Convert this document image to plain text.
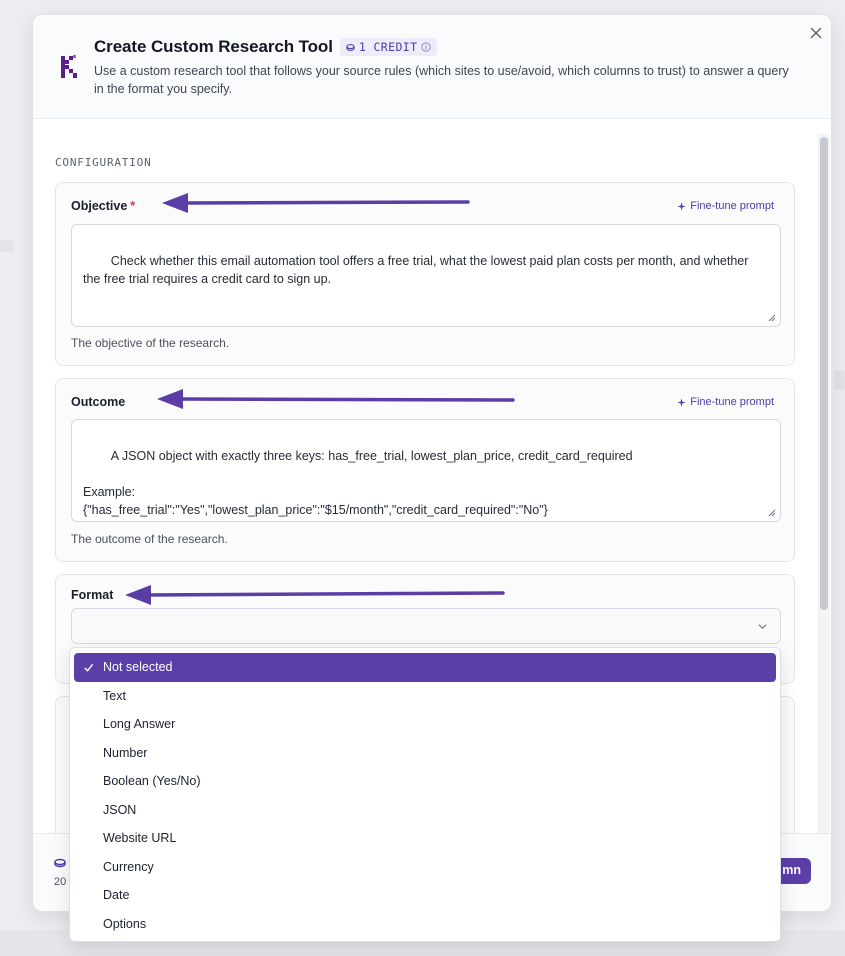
Create Custom Research Tool 1 CREDIT
Use a custom research tool that follows your source rules (which sites to use/avoid, which columns to trust) to answer a query in the format you specify.
CONFIGURATION
Objective *	Fine-tune prompt

Check whether this email automation tool offers a free trial, what the lowest paid plan costs per month, and whether the free trial requires a credit card to sign up.

The objective of the research.
Outcome	Fine-tune prompt

A JSON object with exactly three keys: has_free_trial, lowest_plan_price, credit_card_required

Example:
{"has_free_trial":"Yes","lowest_plan_price":"$15/month","credit_card_required":"No"}

The outcome of the research.
Format
20
mn
Not selected
Text
Long Answer
Number
Boolean (Yes/No)
JSON
Website URL
Currency
Date
Options
